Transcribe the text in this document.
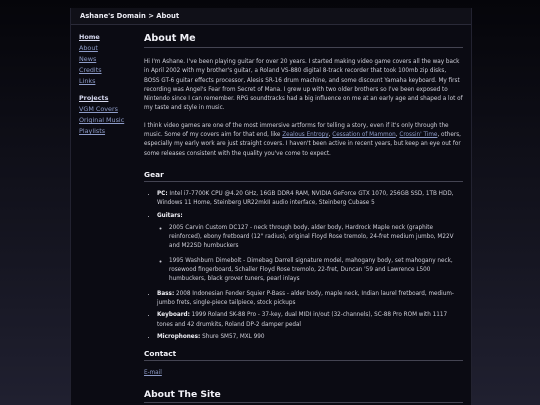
Ashane's Domain > About
Home
About
News
Credits
Links
Projects
VGM Covers
Original Music
Playlists
About Me

Hi I'm Ashane. I've been playing guitar for over 20 years. I started making video game covers all the way back in April 2002 with my brother's guitar, a Roland VS-880 digital 8-track recorder that took 100mb zip disks, BOSS GT-6 guitar effects processor, Alesis SR-16 drum machine, and some discount Yamaha keyboard. My first recording was Angel's Fear from Secret of Mana. I grew up with two older brothers so I've been exposed to Nintendo since I can remember. RPG soundtracks had a big influence on me at an early age and shaped a lot of my taste and style in music.

I think video games are one of the most immersive artforms for telling a story, even if it's only through the music. Some of my covers aim for that end, like Zealous Entropy, Cessation of Mammon, Crossin' Time, others, especially my early work are just straight covers. I haven't been active in recent years, but keep an eye out for some releases consistent with the quality you've come to expect.

Gear
• PC: Intel i7-7700K CPU @4.20 GHz, 16GB DDR4 RAM, NVIDIA GeForce GTX 1070, 256GB SSD, 1TB HDD, Windows 11 Home, Steinberg UR22mkII audio interface, Steinberg Cubase 5
• Guitars:
◦ 2005 Carvin Custom DC127 - neck through body, alder body, Hardrock Maple neck (graphite reinforced), ebony fretboard (12" radius), original Floyd Rose tremolo, 24-fret medium jumbo, M22V and M22SD humbuckers
◦ 1995 Washburn Dimebolt - Dimebag Darrell signature model, mahogany body, set mahogany neck, rosewood fingerboard, Schaller Floyd Rose tremolo, 22-fret, Duncan '59 and Lawrence L500 humbuckers, black grover tuners, pearl inlays
• Bass: 2008 Indonesian Fender Squier P-Bass - alder body, maple neck, Indian laurel fretboard, medium-jumbo frets, single-piece tailpiece, stock pickups
• Keyboard: 1999 Roland SK-88 Pro - 37-key, dual MIDI in/out (32-channels), SC-88 Pro ROM with 1117 tones and 42 drumkits, Roland DP-2 damper pedal
• Microphones: Shure SM57, MXL 990
Contact

E-mail

About The Site
